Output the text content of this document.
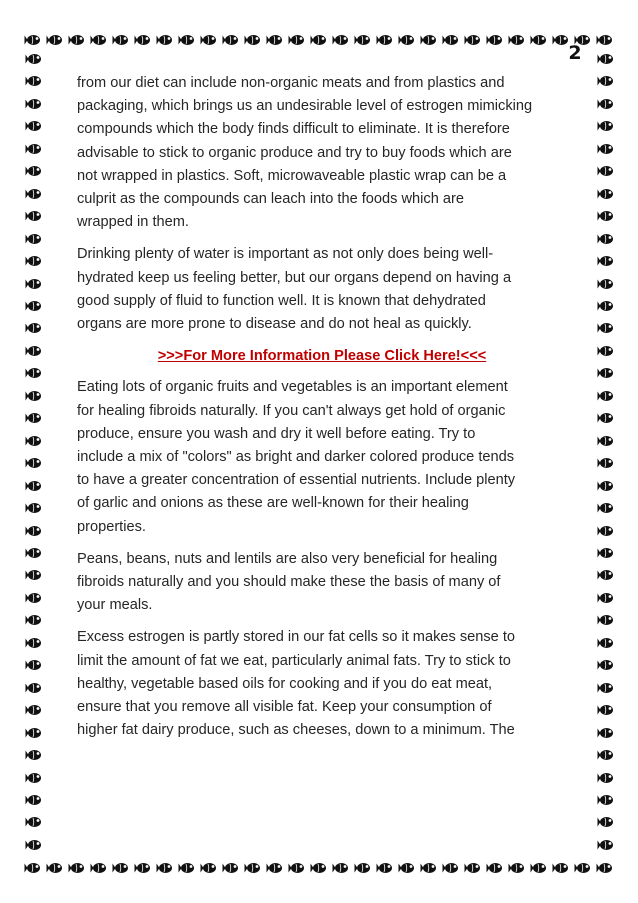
2

from our diet can include non-organic meats and from plastics and
packaging, which brings us an undesirable level of estrogen mimicking
compounds which the body finds difficult to eliminate. It is therefore
advisable to stick to organic produce and try to buy foods which are
not wrapped in plastics. Soft, microwaveable plastic wrap can be a
culprit as the compounds can leach into the foods which are
wrapped in them.

Drinking plenty of water is important as not only does being well-
hydrated keep us feeling better, but our organs depend on having a
good supply of fluid to function well. It is known that dehydrated
organs are more prone to disease and do not heal as quickly.

>>>For More Information Please Click Here!<<<

Eating lots of organic fruits and vegetables is an important element
for healing fibroids naturally. If you can't always get hold of organic
produce, ensure you wash and dry it well before eating. Try to
include a mix of "colors" as bright and darker colored produce tends
to have a greater concentration of essential nutrients. Include plenty
of garlic and onions as these are well-known for their healing
properties.

Peans, beans, nuts and lentils are also very beneficial for healing
fibroids naturally and you should make these the basis of many of
your meals.

Excess estrogen is partly stored in our fat cells so it makes sense to
limit the amount of fat we eat, particularly animal fats. Try to stick to
healthy, vegetable based oils for cooking and if you do eat meat,
ensure that you remove all visible fat. Keep your consumption of
higher fat dairy produce, such as cheeses, down to a minimum. The
